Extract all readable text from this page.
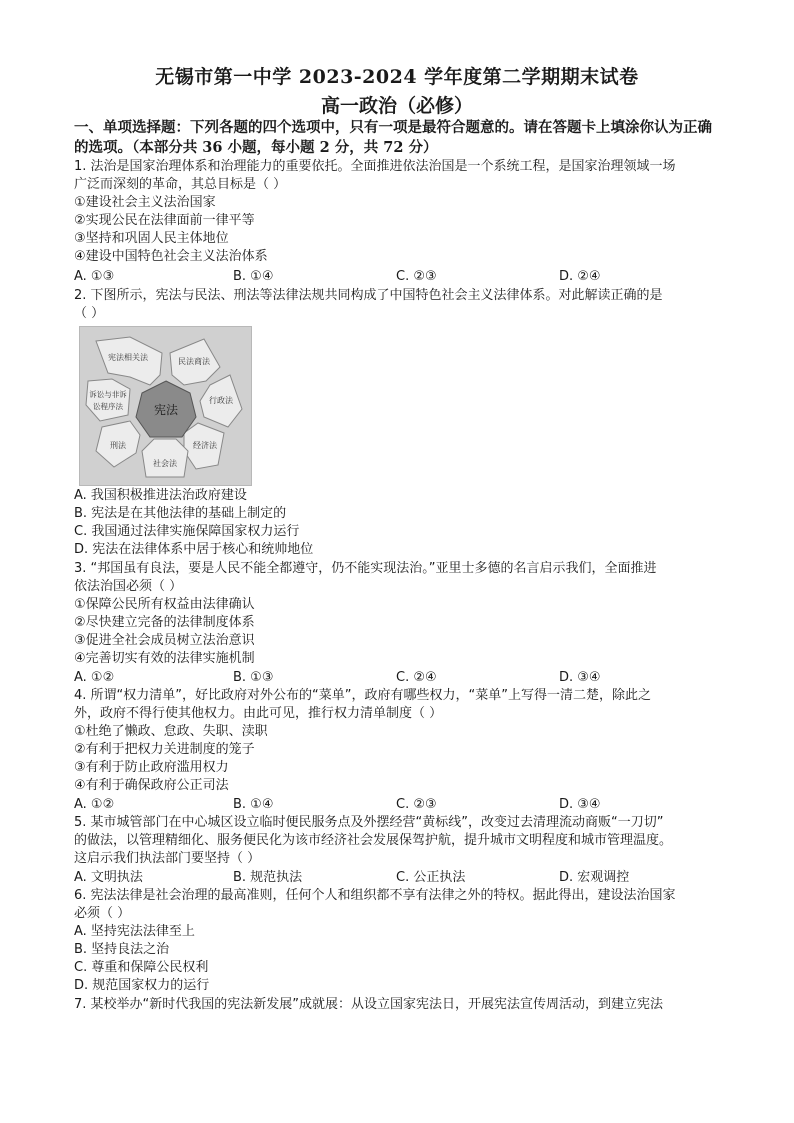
无锡市第一中学 2023-2024 学年度第二学期期末试卷
高一政治（必修）
一、单项选择题：下列各题的四个选项中，只有一项是最符合题意的。请在答题卡上填涂你认为正确的选项。（本部分共 36 小题，每小题 2 分，共 72 分）
1. 法治是国家治理体系和治理能力的重要依托。全面推进依法治国是一个系统工程，是国家治理领域一场
广泛而深刻的革命，其总目标是（ ）
①建设社会主义法治国家
②实现公民在法律面前一律平等
③坚持和巩固人民主体地位
④建设中国特色社会主义法治体系
A. ①③	B. ①④	C. ②③	D. ②④
2. 下图所示，宪法与民法、刑法等法律法规共同构成了中国特色社会主义法律体系。对此解读正确的是
（ ）
宪法
宪法相关法	民法商法
行政法
经济法
社会法
刑法
诉讼与非诉
讼程序法
A. 我国积极推进法治政府建设
B. 宪法是在其他法律的基础上制定的
C. 我国通过法律实施保障国家权力运行
D. 宪法在法律体系中居于核心和统帅地位
3. “邦国虽有良法，要是人民不能全都遵守，仍不能实现法治。”亚里士多德的名言启示我们，全面推进
依法治国必须（ ）
①保障公民所有权益由法律确认
②尽快建立完备的法律制度体系
③促进全社会成员树立法治意识
④完善切实有效的法律实施机制
A. ①②	B. ①③	C. ②④	D. ③④
4. 所谓“权力清单”，好比政府对外公布的“菜单”，政府有哪些权力，“菜单”上写得一清二楚，除此之
外，政府不得行使其他权力。由此可见，推行权力清单制度（ ）
①杜绝了懒政、怠政、失职、渎职
②有利于把权力关进制度的笼子
③有利于防止政府滥用权力
④有利于确保政府公正司法
A. ①②	B. ①④	C. ②③	D. ③④
5. 某市城管部门在中心城区设立临时便民服务点及外摆经营“黄标线”，改变过去清理流动商贩“一刀切”
的做法，以管理精细化、服务便民化为该市经济社会发展保驾护航，提升城市文明程度和城市管理温度。
这启示我们执法部门要坚持（ ）
A. 文明执法	B. 规范执法	C. 公正执法	D. 宏观调控
6. 宪法法律是社会治理的最高准则，任何个人和组织都不享有法律之外的特权。据此得出，建设法治国家
必须（ ）
A. 坚持宪法法律至上
B. 坚持良法之治
C. 尊重和保障公民权利
D. 规范国家权力的运行
7. 某校举办“新时代我国的宪法新发展”成就展：从设立国家宪法日，开展宪法宣传周活动，到建立宪法
